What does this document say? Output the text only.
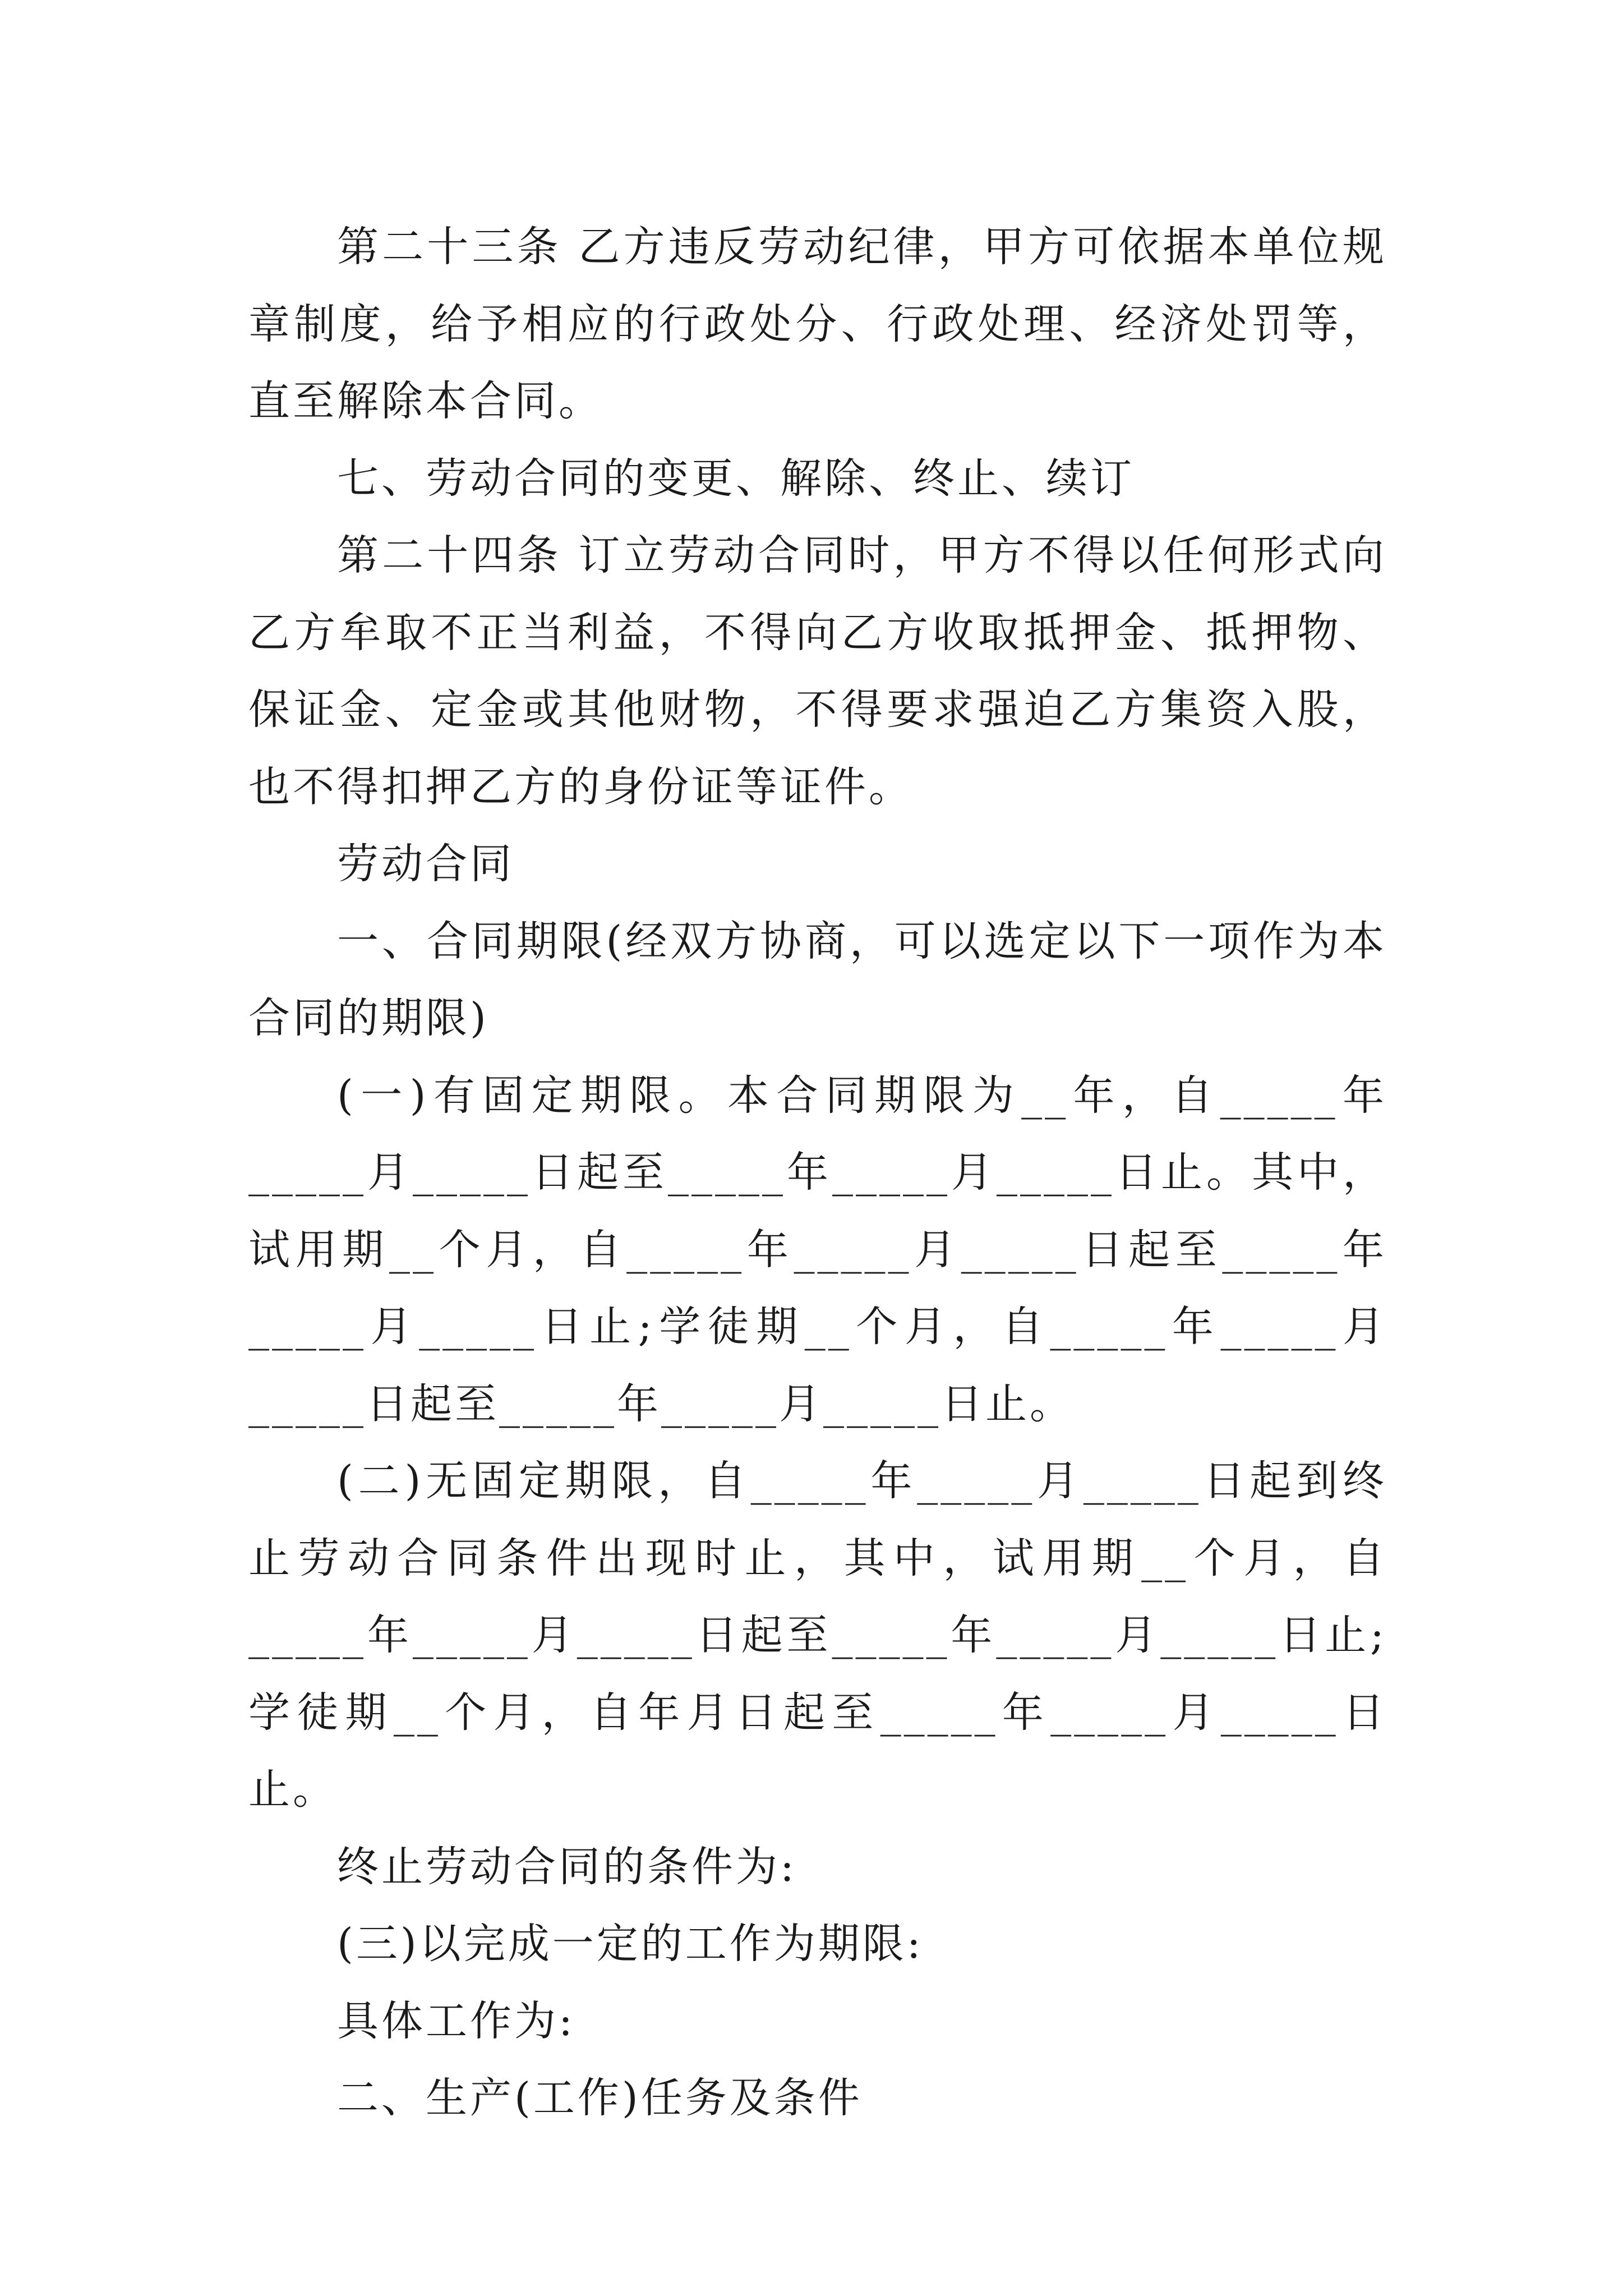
第二十三条 乙方违反劳动纪律，甲方可依据本单位规章制度，给予相应的行政处分、行政处理、经济处罚等，直至解除本合同。

七、劳动合同的变更、解除、终止、续订

第二十四条 订立劳动合同时，甲方不得以任何形式向乙方牟取不正当利益，不得向乙方收取抵押金、抵押物、保证金、定金或其他财物，不得要求强迫乙方集资入股，也不得扣押乙方的身份证等证件。

劳动合同

一、合同期限(经双方协商，可以选定以下一项作为本合同的期限)

(一)有固定期限。本合同期限为__年，自_____年_____月_____日起至_____年_____月_____日止。其中，试用期__个月，自_____年_____月_____日起至_____年_____月_____日止;学徒期__个月，自_____年_____月_____日起至_____年_____月_____日止。

(二)无固定期限，自_____年_____月_____日起到终止劳动合同条件出现时止，其中，试用期__个月，自_____年_____月_____日起至_____年_____月_____日止;学徒期__个月，自年月日起至_____年_____月_____日止。

终止劳动合同的条件为:

(三)以完成一定的工作为期限:

具体工作为:

二、生产(工作)任务及条件
